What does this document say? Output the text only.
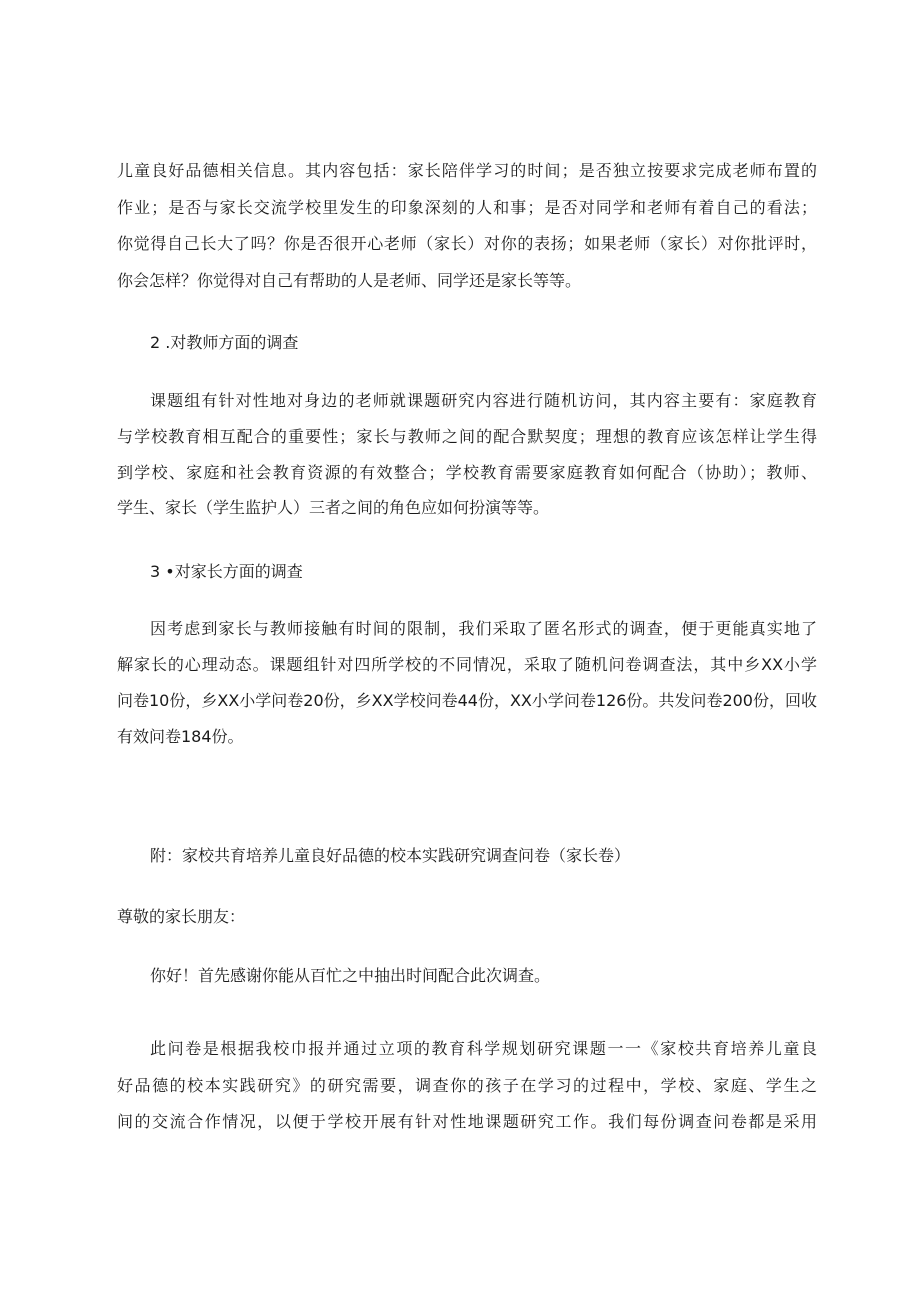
儿童良好品德相关信息。其内容包括：家长陪伴学习的时间；是否独立按要求完成老师布置的
作业；是否与家长交流学校里发生的印象深刻的人和事；是否对同学和老师有着自己的看法；
你觉得自己长大了吗？你是否很开心老师（家长）对你的表扬；如果老师（家长）对你批评时，
你会怎样？你觉得对自己有帮助的人是老师、同学还是家长等等。
2 .对教师方面的调查
课题组有针对性地对身边的老师就课题研究内容进行随机访问，其内容主要有：家庭教育
与学校教育相互配合的重要性；家长与教师之间的配合默契度；理想的教育应该怎样让学生得
到学校、家庭和社会教育资源的有效整合；学校教育需要家庭教育如何配合（协助）；教师、
学生、家长（学生监护人）三者之间的角色应如何扮演等等。
3 •对家长方面的调查
因考虑到家长与教师接触有时间的限制，我们采取了匿名形式的调查，便于更能真实地了
解家长的心理动态。课题组针对四所学校的不同情况，采取了随机问卷调查法，其中乡XX小学
问卷10份，乡XX小学问卷20份，乡XX学校问卷44份，XX小学问卷126份。共发问卷200份，回收
有效问卷184份。
附：家校共育培养儿童良好品德的校本实践研究调查问卷（家长卷）
尊敬的家长朋友：
你好！首先感谢你能从百忙之中抽出时间配合此次调查。
此问卷是根据我校巾报并通过立项的教育科学规划研究课题一一《家校共育培养儿童良
好品德的校本实践研究》的研究需要，调查你的孩子在学习的过程中，学校、家庭、学生之
间的交流合作情况，以便于学校开展有针对性地课题研究工作。我们每份调查问卷都是采用
